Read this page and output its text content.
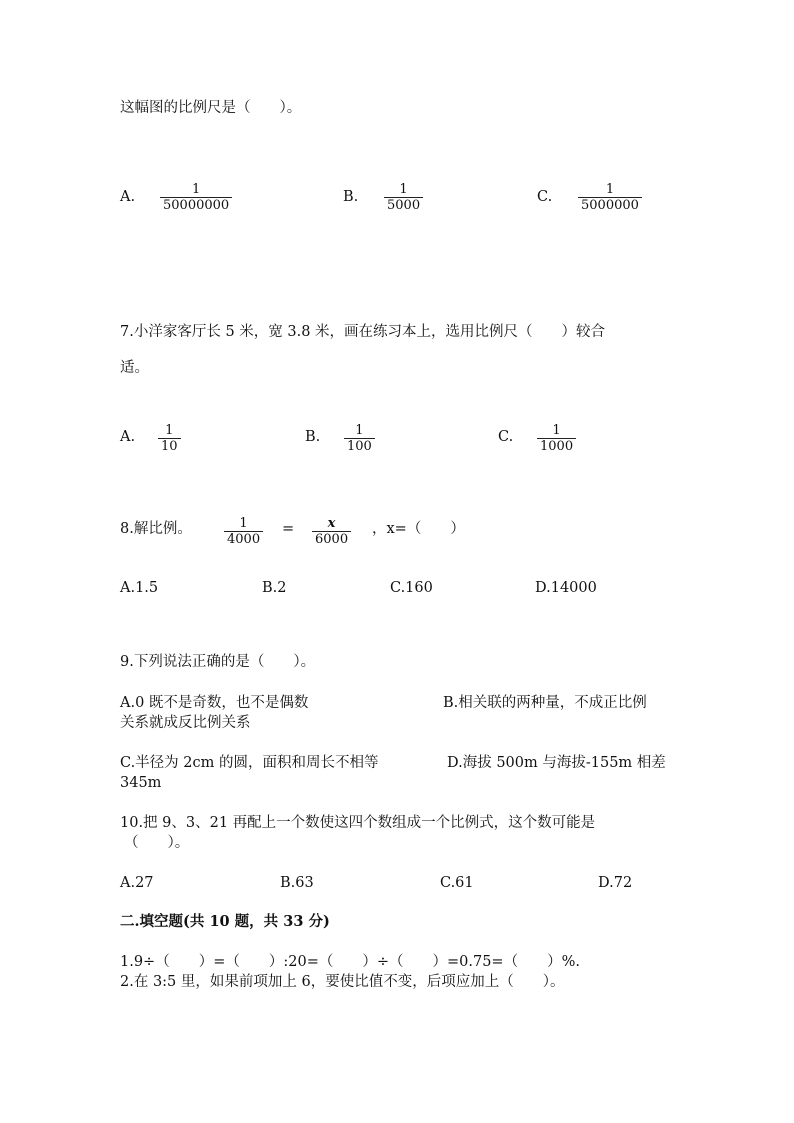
这幅图的比例尺是（　　）。
A. $\frac{1}{50000000}$	B. $\frac{1}{5000}$	C. $\frac{1}{5000000}$
7.小洋家客厅长 5 米，宽 3.8 米，画在练习本上，选用比例尺（　　）较合
适。
A. $\frac{1}{10}$	B. $\frac{1}{100}$	C. $\frac{1}{1000}$
8.解比例。 $\frac{1}{4000} = \frac{x}{6000}$ ，x=（　　）
A.1.5	B.2	C.160	D.14000
9.下列说法正确的是（　　）。
A.0 既不是奇数，也不是偶数	B.相关联的两种量，不成正比例
关系就成反比例关系
C.半径为 2cm 的圆，面积和周长不相等	D.海拔 500m 与海拔-155m 相差
345m
10.把 9、3、21 再配上一个数使这四个数组成一个比例式，这个数可能是
（　　）。
A.27	B.63	C.61	D.72
二.填空题(共 10 题，共 33 分)
1.9÷（　　）=（　　）:20=（　　）÷（　　）=0.75=（　　）%.
2.在 3:5 里，如果前项加上 6，要使比值不变，后项应加上（　　）。
